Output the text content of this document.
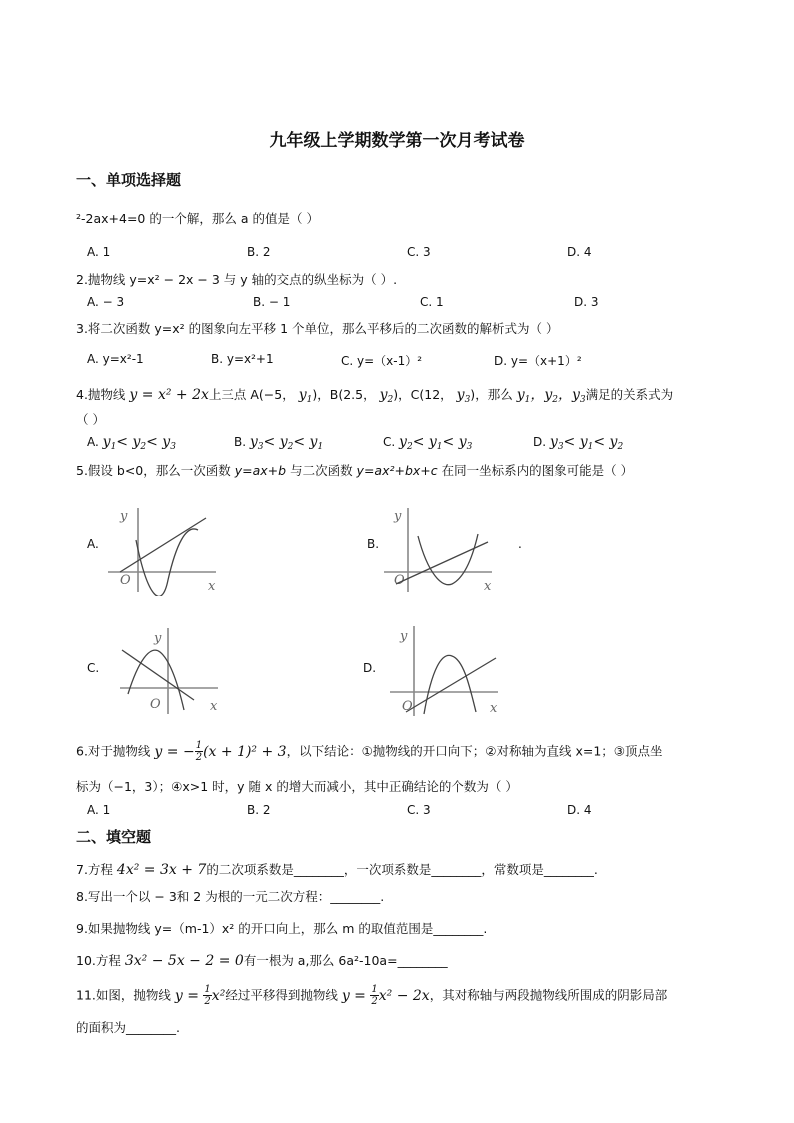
九年级上学期数学第一次月考试卷
一、单项选择题
²-2ax+4=0 的一个解，那么 a 的值是（ ）
A. 1	B. 2	C. 3	D. 4
2.抛物线 y=x² − 2x − 3 与 y 轴的交点的纵坐标为（ ）.
A. − 3	B. − 1	C. 1	D. 3
3.将二次函数 y=x² 的图象向左平移 1 个单位，那么平移后的二次函数的解析式为（ ）
A. y=x²-1	B. y=x²+1	C. y=（x-1）²	D. y=（x+1）²
4.抛物线 y = x² + 2x上三点 A(−5， $y_1$)，B(2.5， $y_2$)，C(12， $y_3$)，那么 $y_1$，$y_2$，$y_3$满足的关系式为
（ ）
A. $y_1< y_2< y_3$	B. $y_3< y_2< y_1$	C. $y_2< y_1< y_3$	D. $y_3< y_1< y_2$
5.假设 b<0，那么一次函数 y=ax+b 与二次函数 y=ax²+bx+c 在同一坐标系内的图象可能是（ ）
A.
y
x
O
B.
y
x
O
.
C.
y
x
O
D.
y
x
O
6.对于抛物线 y = − $\frac{1}{2} (x + 1)^2 + 3$，以下结论：①抛物线的开口向下；②对称轴为直线 x=1；③顶点坐
标为（−1，3）；④x>1 时，y 随 x 的增大而减小，其中正确结论的个数为（ ）
A. 1	B. 2	C. 3	D. 4
二、填空题
7.方程 4x² = 3x + 7的二次项系数是________，一次项系数是________，常数项是________.
8.写出一个以 − 3和 2 为根的一元二次方程：________.
9.如果抛物线 y=（m-1）x² 的开口向上，那么 m 的取值范围是________.
10.方程 3x² − 5x − 2 = 0有一根为 a,那么 6a²-10a=________
11.如图，抛物线 $y = \frac{1}{2} x^2$经过平移得到抛物线 $y = \frac{1}{2} x^2 - 2x$，其对称轴与两段抛物线所围成的阴影局部
的面积为________.
